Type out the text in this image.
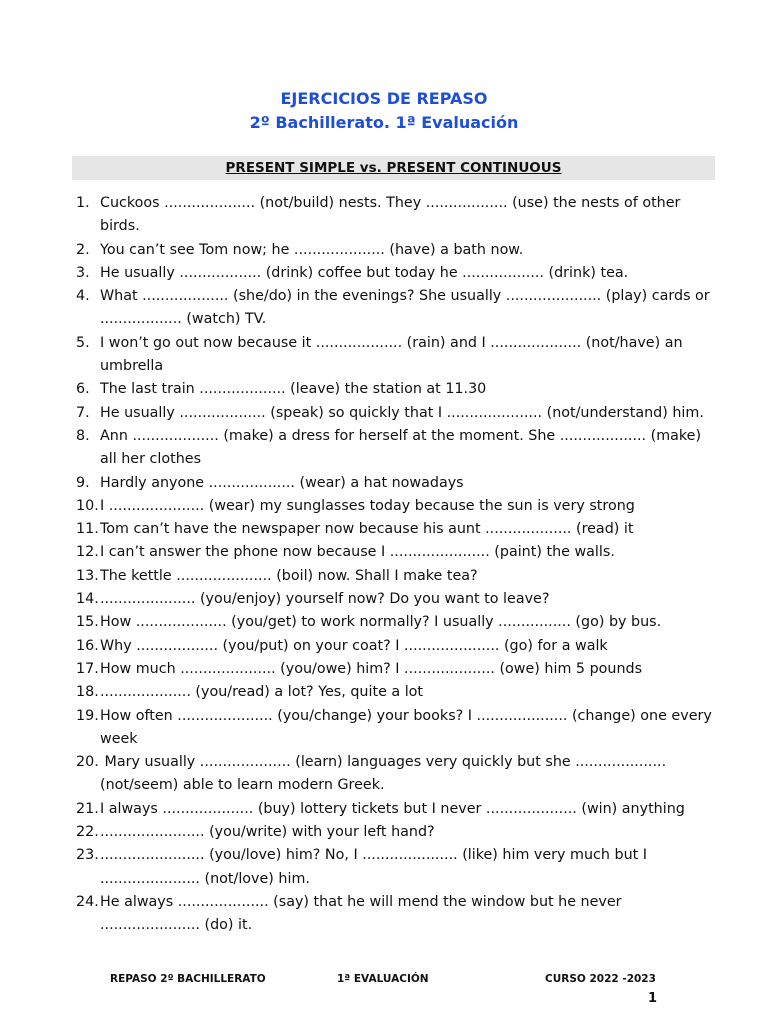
EJERCICIOS DE REPASO
2º Bachillerato. 1ª Evaluación
PRESENT SIMPLE vs. PRESENT CONTINUOUS
1. Cuckoos .................... (not/build) nests. They .................. (use) the nests of other birds.
2. You can’t see Tom now; he .................... (have) a bath now.
3. He usually .................. (drink) coffee but today he .................. (drink) tea.
4. What ................... (she/do) in the evenings? She usually ..................... (play) cards or .................. (watch) TV.
5. I won’t go out now because it ................... (rain) and I .................... (not/have) an umbrella
6. The last train ................... (leave) the station at 11.30
7. He usually ................... (speak) so quickly that I ..................... (not/understand) him.
8. Ann ................... (make) a dress for herself at the moment. She ................... (make) all her clothes
9. Hardly anyone ................... (wear) a hat nowadays
10. I ..................... (wear) my sunglasses today because the sun is very strong
11. Tom can’t have the newspaper now because his aunt ................... (read) it
12. I can’t answer the phone now because I ...................... (paint) the walls.
13. The kettle ..................... (boil) now. Shall I make tea?
14. ..................... (you/enjoy) yourself now? Do you want to leave?
15. How .................... (you/get) to work normally? I usually ................ (go) by bus.
16. Why .................. (you/put) on your coat? I ..................... (go) for a walk
17. How much ..................... (you/owe) him? I .................... (owe) him 5 pounds
18. .................... (you/read) a lot? Yes, quite a lot
19. How often ..................... (you/change) your books? I .................... (change) one every week
20. Mary usually .................... (learn) languages very quickly but she .................... (not/seem) able to learn modern Greek.
21. I always .................... (buy) lottery tickets but I never .................... (win) anything
22. ....................... (you/write) with your left hand?
23. ....................... (you/love) him? No, I ..................... (like) him very much but I ...................... (not/love) him.
24. He always .................... (say) that he will mend the window but he never ...................... (do) it.
REPASO 2º BACHILLERATO	1ª EVALUACIÓN	CURSO 2022 -2023
1
